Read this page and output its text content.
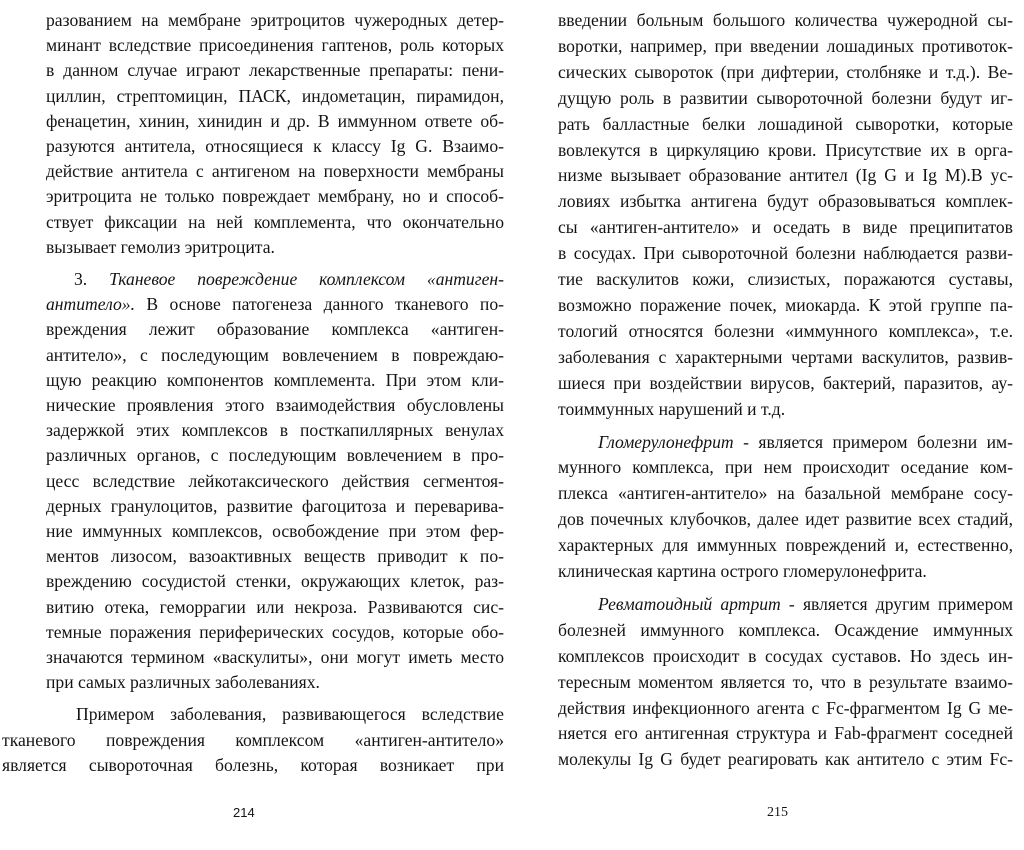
разованием на мембране эритроцитов чужеродных детер-
минант вследствие присоединения гаптенов, роль которых
в данном случае играют лекарственные препараты: пени-
циллин, стрептомицин, ПАСК, индометацин, пирамидон,
фенацетин, хинин, хинидин и др. В иммунном ответе об-
разуются антитела, относящиеся к классу Ig G. Взаимо-
действие антитела с антигеном на поверхности мембраны
эритроцита не только повреждает мембрану, но и способ-
ствует фиксации на ней комплемента, что окончательно
вызывает гемолиз эритроцита.
3. Тканевое повреждение комплексом «антиген-
антитело». В основе патогенеза данного тканевого по-
вреждения лежит образование комплекса «антиген-
антитело», с последующим вовлечением в повреждаю-
щую реакцию компонентов комплемента. При этом кли-
нические проявления этого взаимодействия обусловлены
задержкой этих комплексов в посткапиллярных венулах
различных органов, с последующим вовлечением в про-
цесс вследствие лейкотаксического действия сегментоя-
дерных гранулоцитов, развитие фагоцитоза и переварива-
ние иммунных комплексов, освобождение при этом фер-
ментов лизосом, вазоактивных веществ приводит к по-
вреждению сосудистой стенки, окружающих клеток, раз-
витию отека, геморрагии или некроза. Развиваются сис-
темные поражения периферических сосудов, которые обо-
значаются термином «васкулиты», они могут иметь место
при самых различных заболеваниях.
Примером заболевания, развивающегося вследствие
тканевого повреждения комплексом «антиген-антитело»
является сывороточная болезнь, которая возникает при
214
введении больным большого количества чужеродной сы-
воротки, например, при введении лошадиных противоток-
сических сывороток (при дифтерии, столбняке и т.д.). Ве-
дущую роль в развитии сывороточной болезни будут иг-
рать балластные белки лошадиной сыворотки, которые
вовлекутся в циркуляцию крови. Присутствие их в орга-
низме вызывает образование антител (Ig G и Ig M).В ус-
ловиях избытка антигена будут образовываться комплек-
сы «антиген-антитело» и оседать в виде преципитатов
в сосудах. При сывороточной болезни наблюдается разви-
тие васкулитов кожи, слизистых, поражаются суставы,
возможно поражение почек, миокарда. К этой группе па-
тологий относятся болезни «иммунного комплекса», т.е.
заболевания с характерными чертами васкулитов, развив-
шиеся при воздействии вирусов, бактерий, паразитов, ау-
тоиммунных нарушений и т.д.
Гломерулонефрит - является примером болезни им-
мунного комплекса, при нем происходит оседание ком-
плекса «антиген-антитело» на базальной мембране сосу-
дов почечных клубочков, далее идет развитие всех стадий,
характерных для иммунных повреждений и, естественно,
клиническая картина острого гломерулонефрита.
Ревматоидный артрит - является другим примером
болезней иммунного комплекса. Осаждение иммунных
комплексов происходит в сосудах суставов. Но здесь ин-
тересным моментом является то, что в результате взаимо-
действия инфекционного агента с Fc-фрагментом Ig G ме-
няется его антигенная структура и Fab-фрагмент соседней
молекулы Ig G будет реагировать как антитело с этим Fc-
215
